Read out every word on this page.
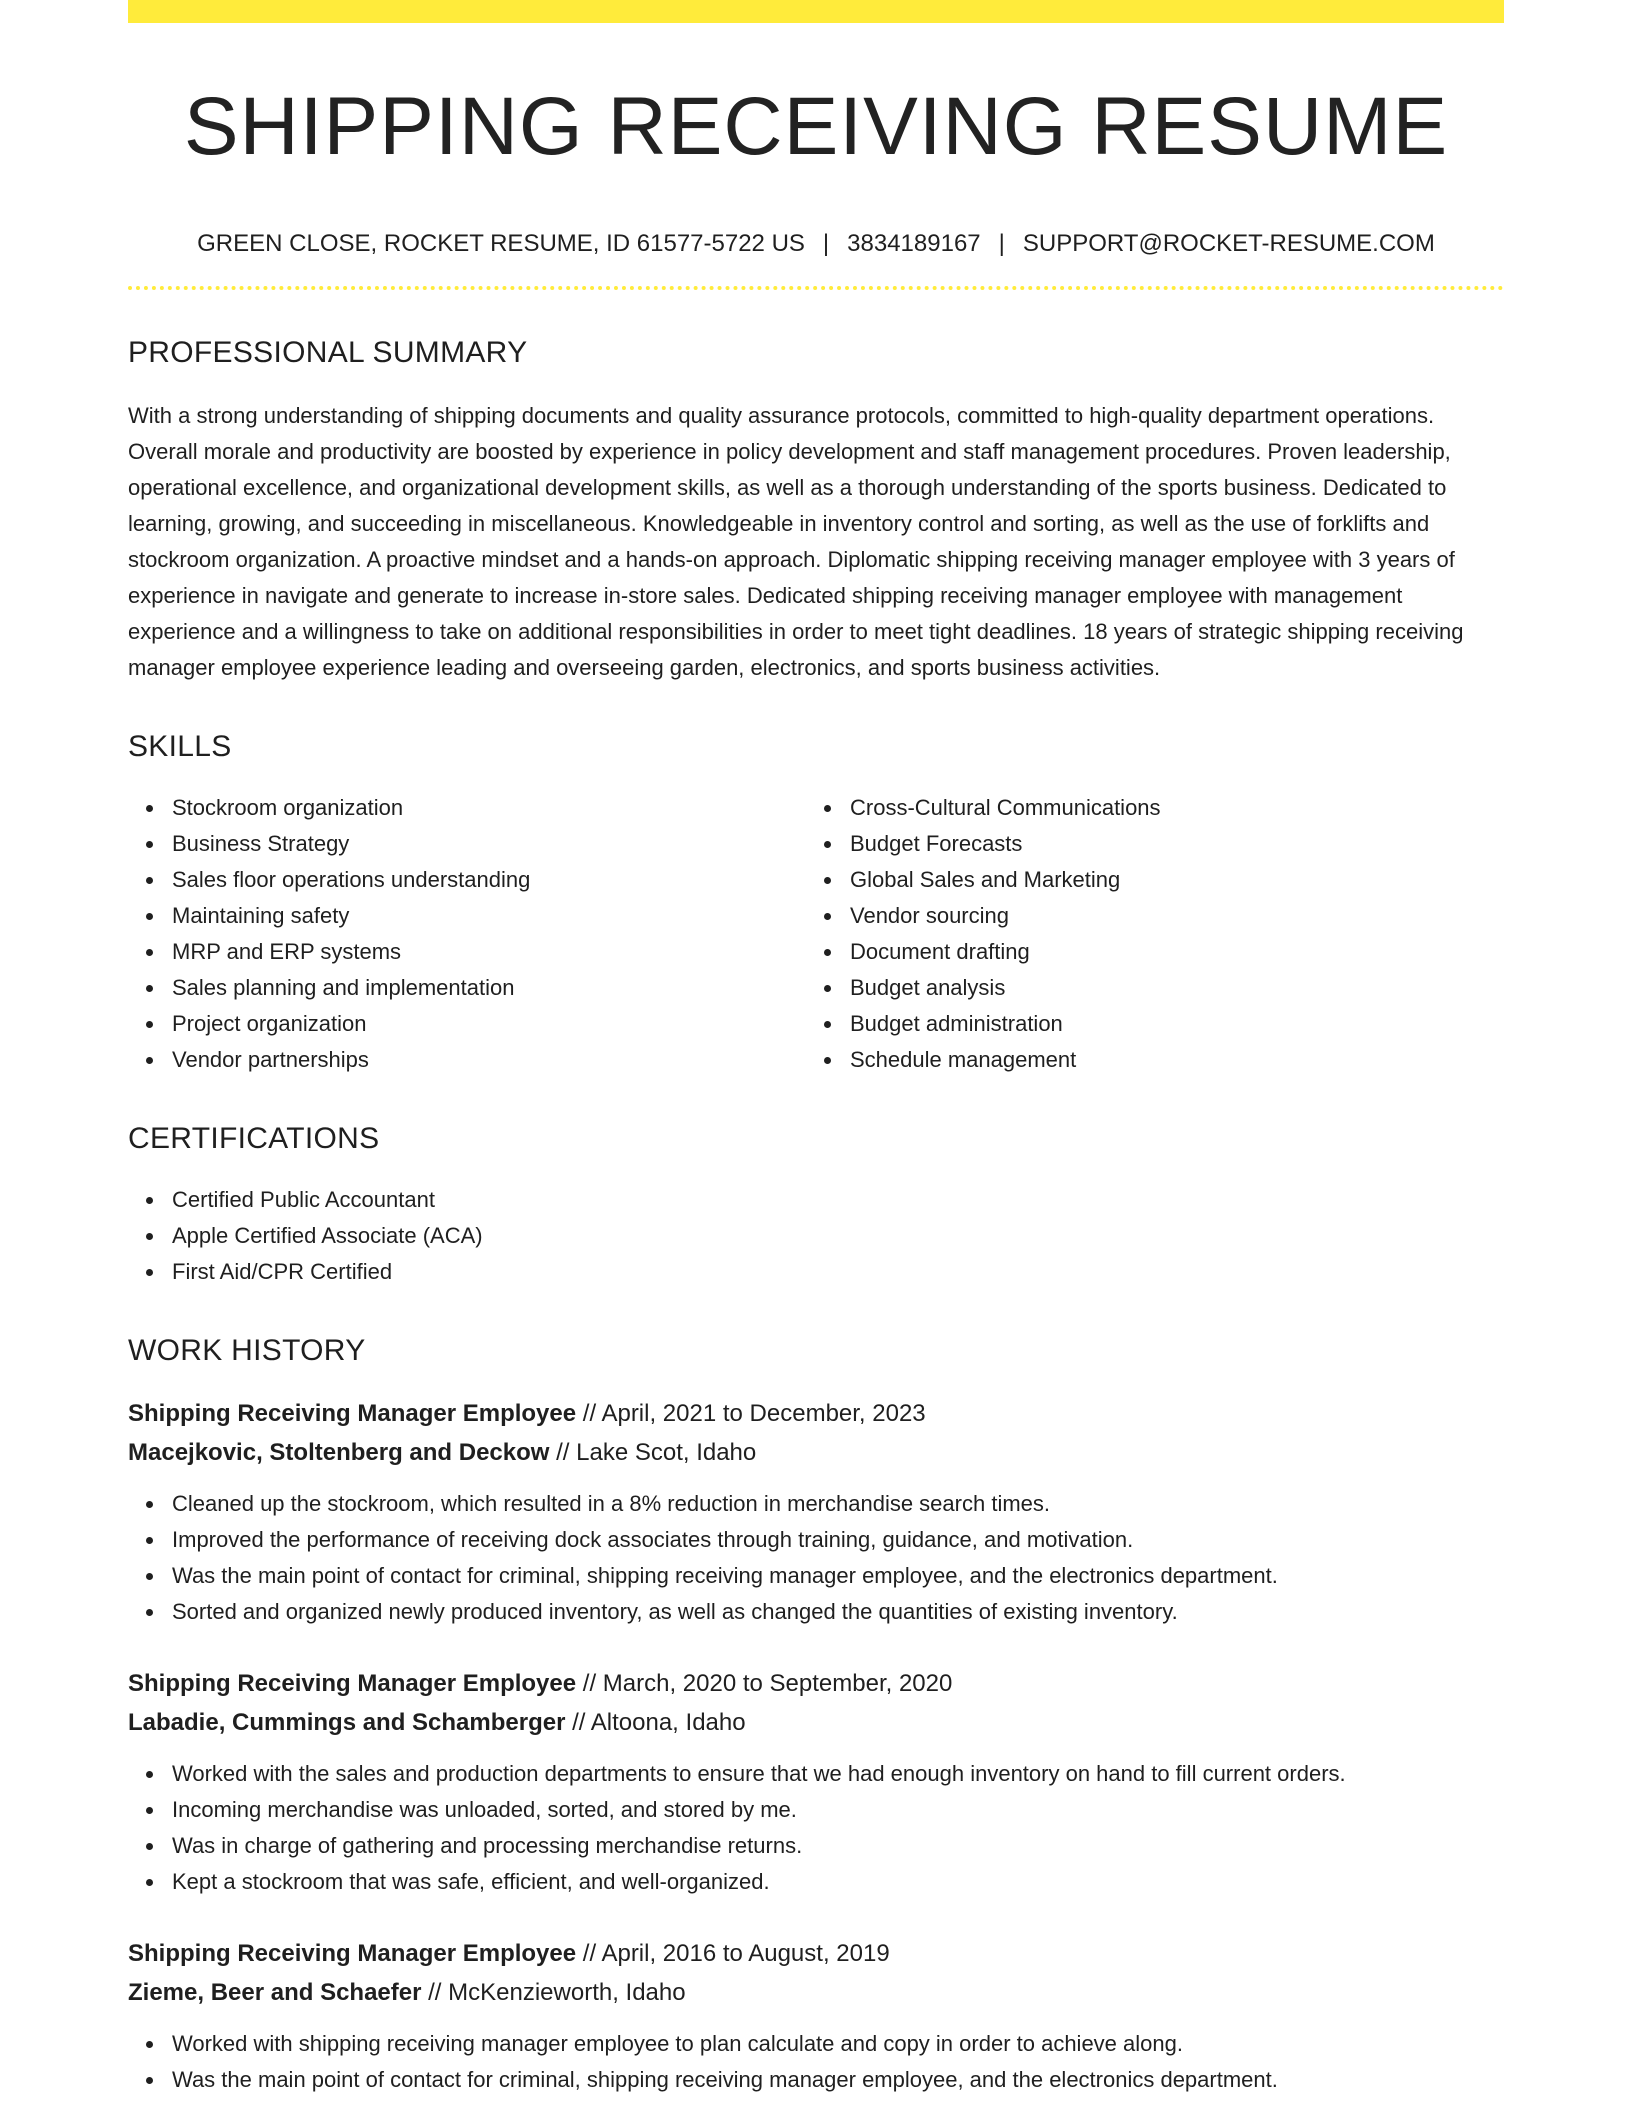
SHIPPING RECEIVING RESUME
GREEN CLOSE, ROCKET RESUME, ID 61577-5722 US | 3834189167 | SUPPORT@ROCKET-RESUME.COM
PROFESSIONAL SUMMARY

With a strong understanding of shipping documents and quality assurance protocols, committed to high-quality department operations. Overall morale and productivity are boosted by experience in policy development and staff management procedures. Proven leadership, operational excellence, and organizational development skills, as well as a thorough understanding of the sports business. Dedicated to learning, growing, and succeeding in miscellaneous. Knowledgeable in inventory control and sorting, as well as the use of forklifts and stockroom organization. A proactive mindset and a hands-on approach. Diplomatic shipping receiving manager employee with 3 years of experience in navigate and generate to increase in-store sales. Dedicated shipping receiving manager employee with management experience and a willingness to take on additional responsibilities in order to meet tight deadlines. 18 years of strategic shipping receiving manager employee experience leading and overseeing garden, electronics, and sports business activities.

SKILLS
Stockroom organization
Business Strategy
Sales floor operations understanding
Maintaining safety
MRP and ERP systems
Sales planning and implementation
Project organization
Vendor partnerships
Cross-Cultural Communications
Budget Forecasts
Global Sales and Marketing
Vendor sourcing
Document drafting
Budget analysis
Budget administration
Schedule management
CERTIFICATIONS
Certified Public Accountant
Apple Certified Associate (ACA)
First Aid/CPR Certified
WORK HISTORY
Shipping Receiving Manager Employee // April, 2021 to December, 2023
Macejkovic, Stoltenberg and Deckow // Lake Scot, Idaho
Cleaned up the stockroom, which resulted in a 8% reduction in merchandise search times.
Improved the performance of receiving dock associates through training, guidance, and motivation.
Was the main point of contact for criminal, shipping receiving manager employee, and the electronics department.
Sorted and organized newly produced inventory, as well as changed the quantities of existing inventory.
Shipping Receiving Manager Employee // March, 2020 to September, 2020
Labadie, Cummings and Schamberger // Altoona, Idaho
Worked with the sales and production departments to ensure that we had enough inventory on hand to fill current orders.
Incoming merchandise was unloaded, sorted, and stored by me.
Was in charge of gathering and processing merchandise returns.
Kept a stockroom that was safe, efficient, and well-organized.
Shipping Receiving Manager Employee // April, 2016 to August, 2019
Zieme, Beer and Schaefer // McKenzieworth, Idaho
Worked with shipping receiving manager employee to plan calculate and copy in order to achieve along.
Was the main point of contact for criminal, shipping receiving manager employee, and the electronics department.
